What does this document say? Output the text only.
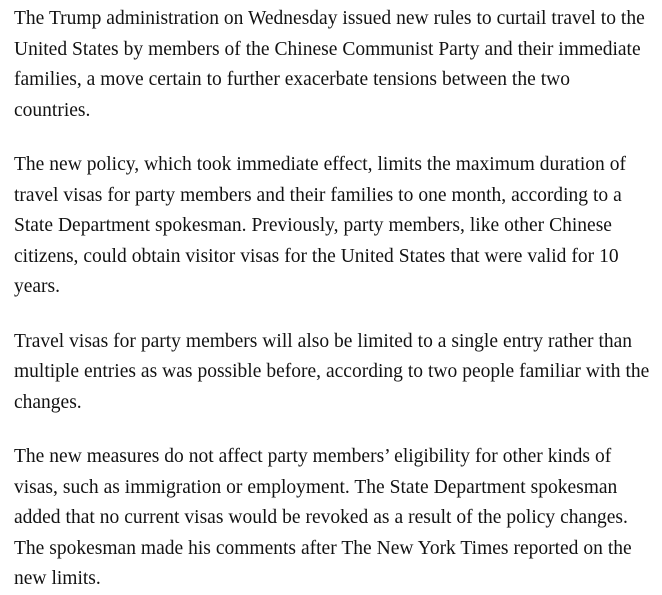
The Trump administration on Wednesday issued new rules to curtail travel to the United States by members of the Chinese Communist Party and their immediate families, a move certain to further exacerbate tensions between the two countries.

The new policy, which took immediate effect, limits the maximum duration of travel visas for party members and their families to one month, according to a State Department spokesman. Previously, party members, like other Chinese citizens, could obtain visitor visas for the United States that were valid for 10 years.

Travel visas for party members will also be limited to a single entry rather than multiple entries as was possible before, according to two people familiar with the changes.

The new measures do not affect party members’ eligibility for other kinds of visas, such as immigration or employment. The State Department spokesman added that no current visas would be revoked as a result of the policy changes. The spokesman made his comments after The New York Times reported on the new limits.
